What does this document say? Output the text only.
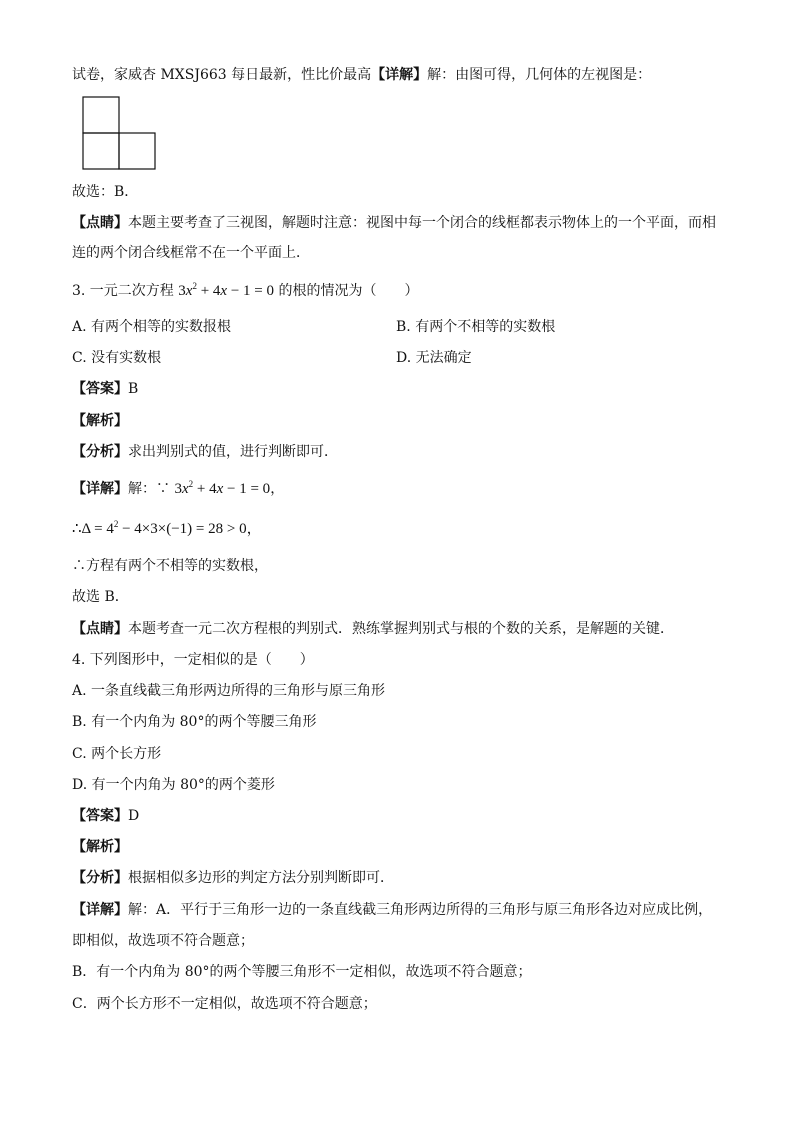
试卷，家威杏 MXSJ663 每日最新，性比价最高【详解】解：由图可得，几何体的左视图是：
故选：B．
【点睛】本题主要考查了三视图，解题时注意：视图中每一个闭合的线框都表示物体上的一个平面，而相
连的两个闭合线框常不在一个平面上．
3. 一元二次方程 $3x^2 + 4x - 1 = 0$ 的根的情况为（　　）
A. 有两个相等的实数报根	B. 有两个不相等的实数根
C. 没有实数根	D. 无法确定
【答案】B
【解析】
【分析】求出判别式的值，进行判断即可．
【详解】解：∵ $3x^2 + 4x - 1 = 0$，
∴Δ = $4^2 - 4\times 3\times(-1) = 28 > 0$，
∴方程有两个不相等的实数根，
故选 B．
【点睛】本题考查一元二次方程根的判别式．熟练掌握判别式与根的个数的关系，是解题的关键．
4. 下列图形中，一定相似的是（　　）
A. 一条直线截三角形两边所得的三角形与原三角形
B. 有一个内角为 80°的两个等腰三角形
C. 两个长方形
D. 有一个内角为 80°的两个菱形
【答案】D
【解析】
【分析】根据相似多边形的判定方法分别判断即可．
【详解】解：A．平行于三角形一边的一条直线截三角形两边所得的三角形与原三角形各边对应成比例，
即相似，故选项不符合题意；
B．有一个内角为 80°的两个等腰三角形不一定相似，故选项不符合题意；
C．两个长方形不一定相似，故选项不符合题意；
